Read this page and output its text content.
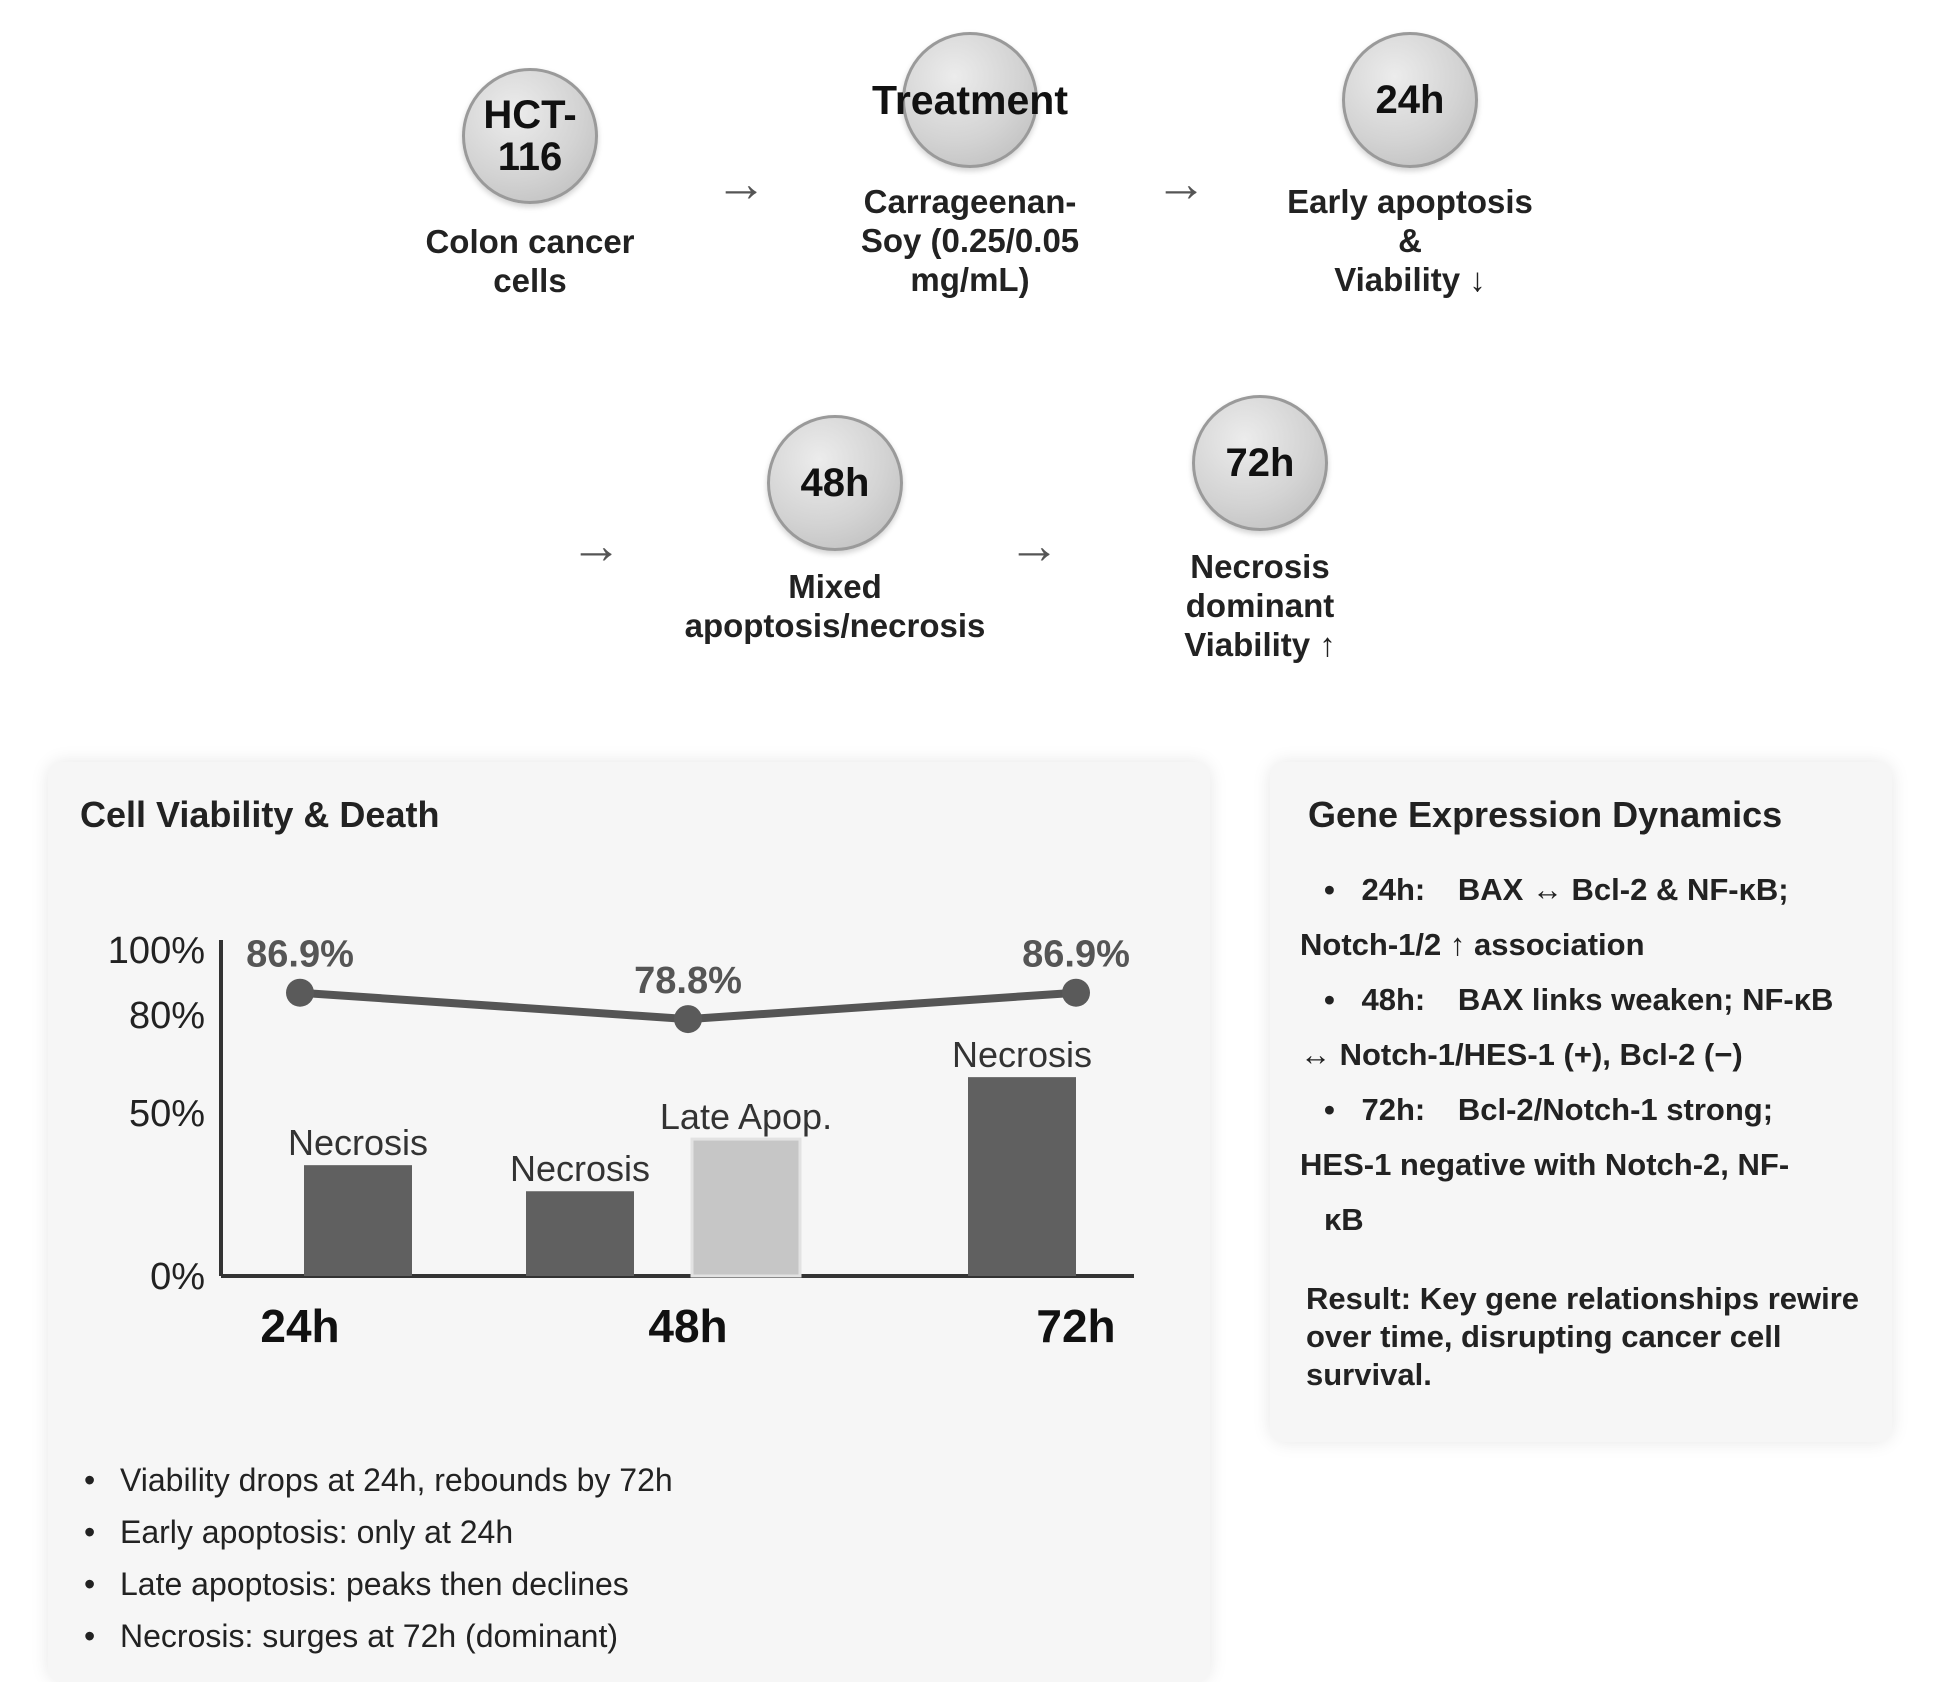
HCT-
116
Colon cancer
cells
→
Treatment
Carrageenan-
Soy (0.25/0.05
mg/mL)
→
24h
Early apoptosis
&
Viability ↓
→
48h
Mixed
apoptosis/necrosis
→
72h
Necrosis
dominant
Viability ↑
Cell Viability & Death
100%
80%
50%
0%
24h	48h	72h
Necrosis
Necrosis
Late Apop.
Necrosis
86.9%
78.8%
86.9%
• Viability drops at 24h, rebounds by 72h
• Early apoptosis: only at 24h
• Late apoptosis: peaks then declines
• Necrosis: surges at 72h (dominant)
Gene Expression Dynamics
• 24h: BAX ↔ Bcl-2 & NF-κB;
Notch-1/2 ↑ association
• 48h: BAX links weaken; NF-κB
↔ Notch-1/HES-1 (+), Bcl-2 (−)
• 72h: Bcl-2/Notch-1 strong;
HES-1 negative with Notch-2, NF-
κB
Result: Key gene relationships rewire over time, disrupting cancer cell survival.
